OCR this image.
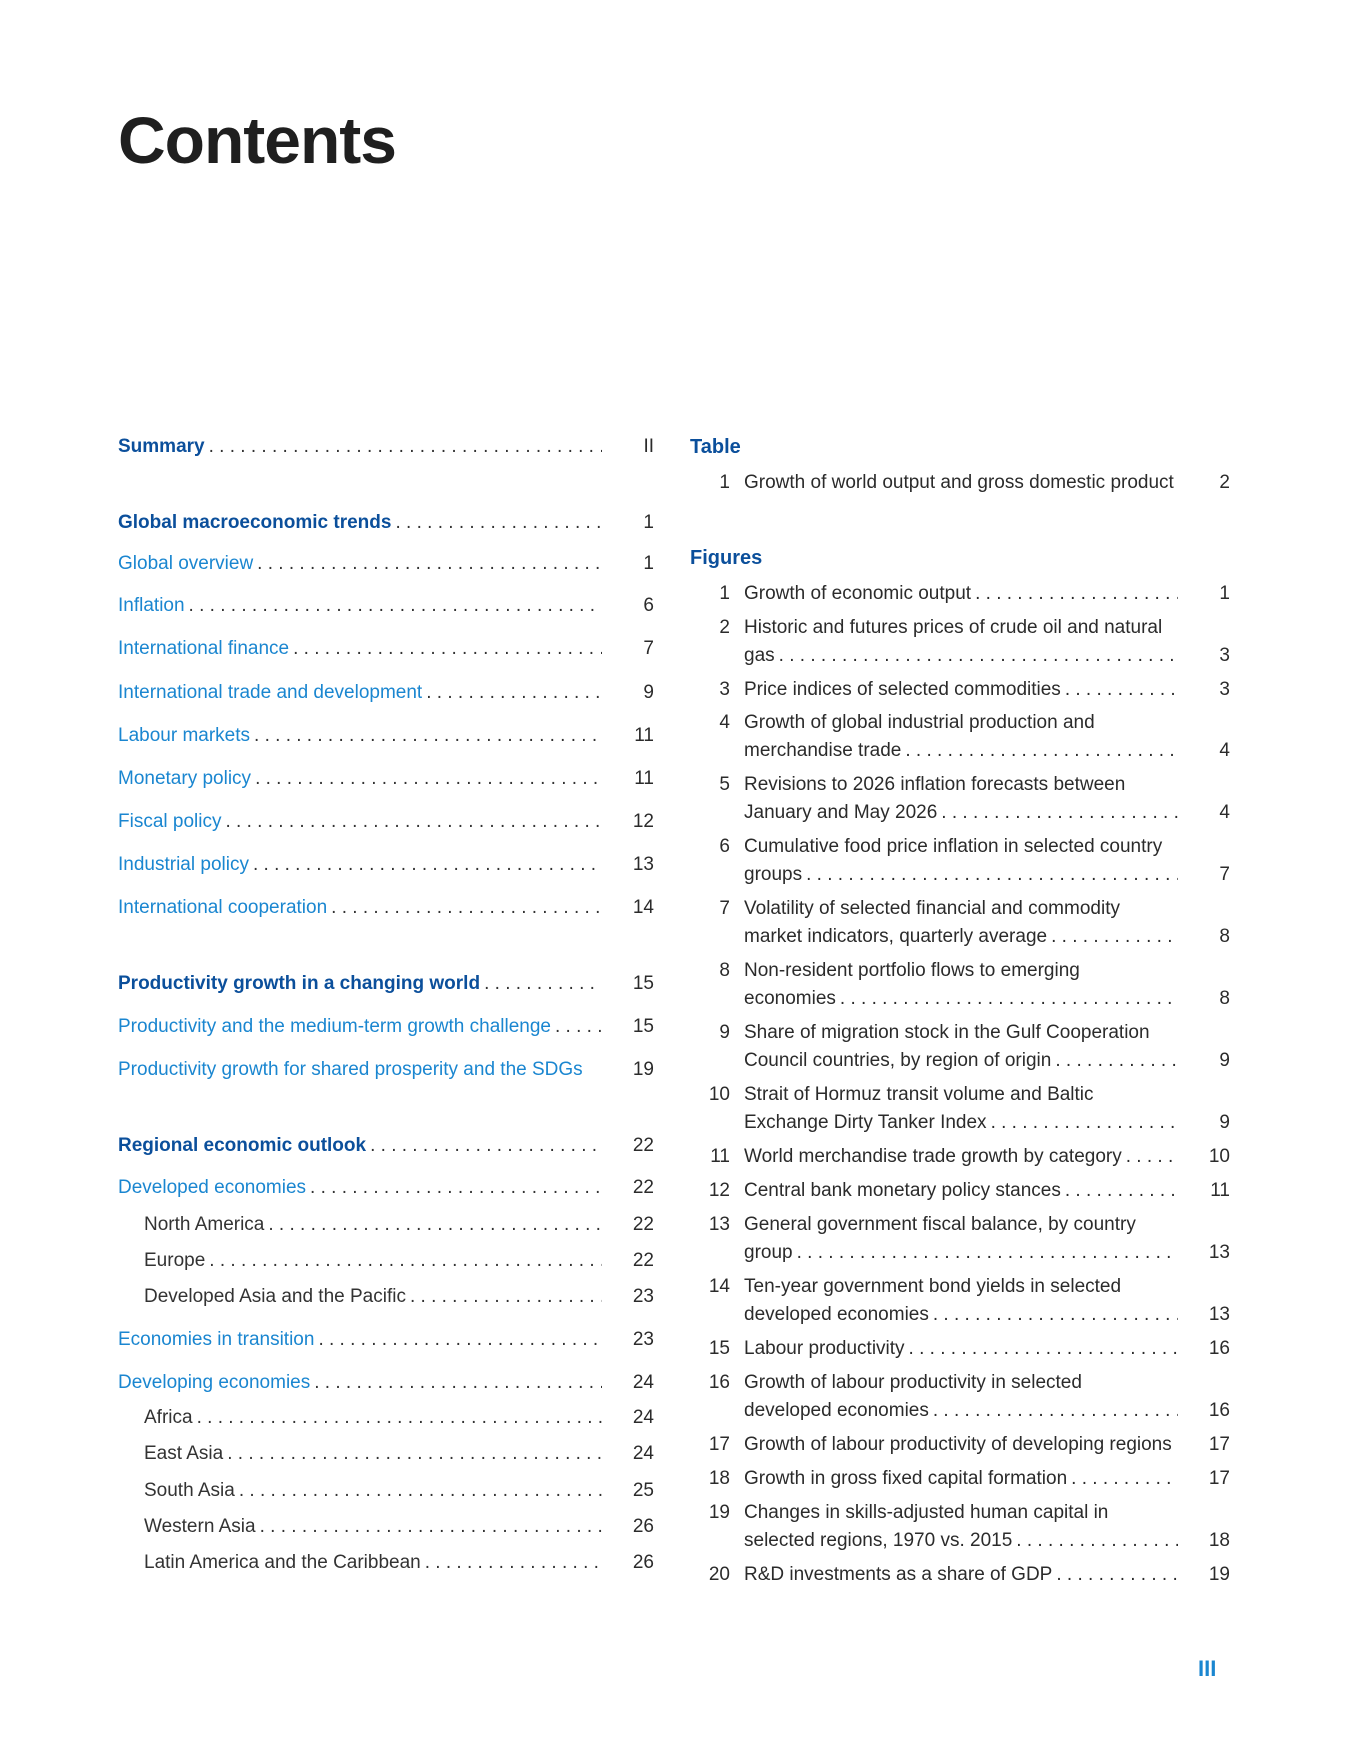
Contents
Summary . . .	II
Global macroeconomic trends . . .	1
Global overview . . .	1
Inflation . . .	6
International finance . . .	7
International trade and development . . .	9
Labour markets . . .	11
Monetary policy . . .	11
Fiscal policy . . .	12
Industrial policy . . .	13
International cooperation . . .	14
Productivity growth in a changing world . . .	15
Productivity and the medium-term growth challenge . . .	15
Productivity growth for shared prosperity and the SDGs	19
Regional economic outlook . . .	22
Developed economies . . .	22
North America . . .	22
Europe . . .	22
Developed Asia and the Pacific . . .	23
Economies in transition . . .	23
Developing economies . . .	24
Africa . . .	24
East Asia . . .	24
South Asia . . .	25
Western Asia . . .	26
Latin America and the Caribbean . . .	26
Table
1 Growth of world output and gross domestic product	2
Figures
1 Growth of economic output . . .	1
2 Historic and futures prices of crude oil and natural
gas . . .	3
3 Price indices of selected commodities . . .	3
4 Growth of global industrial production and
merchandise trade . . .	4
5 Revisions to 2026 inflation forecasts between
January and May 2026 . . .	4
6 Cumulative food price inflation in selected country
groups . . .	7
7 Volatility of selected financial and commodity
market indicators, quarterly average . . .	8
8 Non-resident portfolio flows to emerging
economies . . .	8
9 Share of migration stock in the Gulf Cooperation
Council countries, by region of origin . . .	9
10 Strait of Hormuz transit volume and Baltic
Exchange Dirty Tanker Index . . .	9
11 World merchandise trade growth by category . . .	10
12 Central bank monetary policy stances . . .	11
13 General government fiscal balance, by country
group . . .	13
14 Ten-year government bond yields in selected
developed economies . . .	13
15 Labour productivity . . .	16
16 Growth of labour productivity in selected
developed economies . . .	16
17 Growth of labour productivity of developing regions	17
18 Growth in gross fixed capital formation . . .	17
19 Changes in skills-adjusted human capital in
selected regions, 1970 vs. 2015 . . .	18
20 R&D investments as a share of GDP . . .	19
III
